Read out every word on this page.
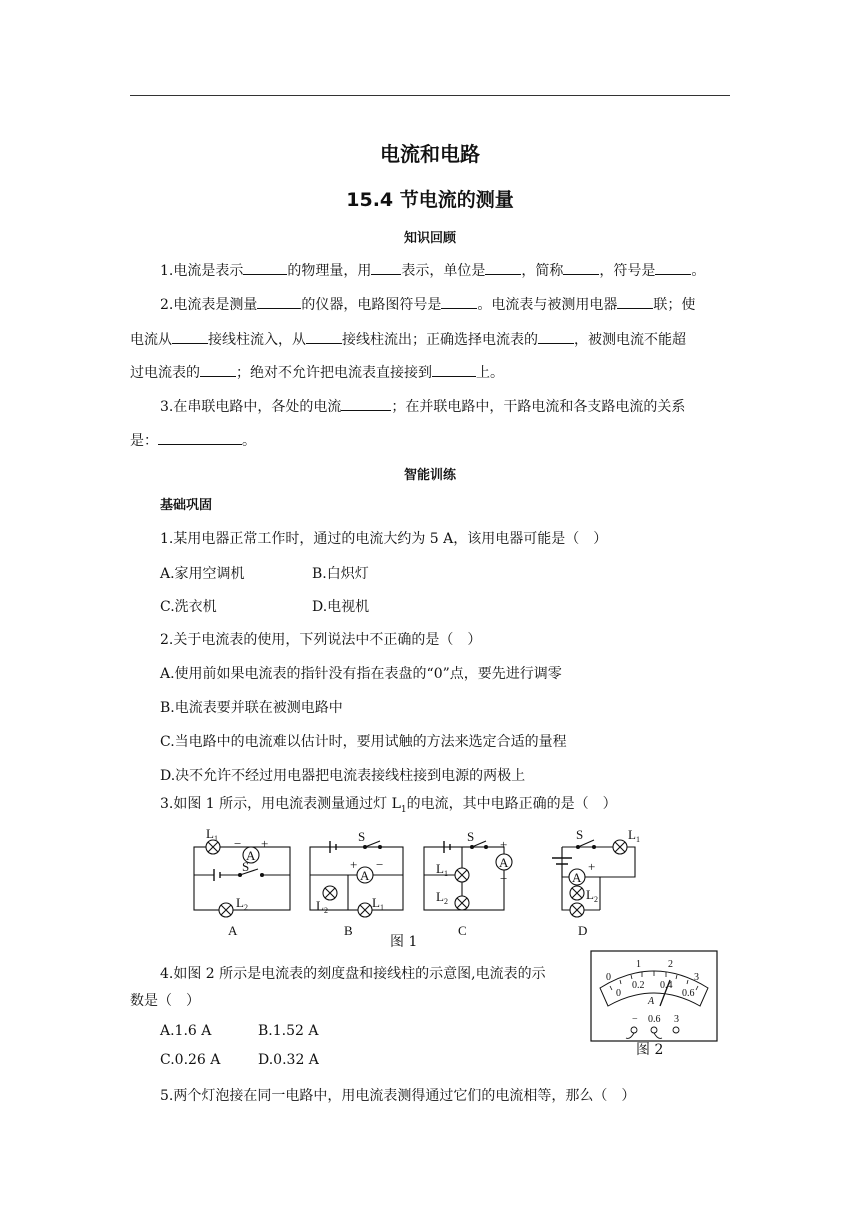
电流和电路
15.4 节电流的测量
知识回顾
1.电流是表示	的物理量，用 表示，单位是	，简称	，符号是	。
2.电流表是测量	的仪器，电路图符号是	。电流表与被测用电器	联；使
电流从	接线柱流入，从	接线柱流出；正确选择电流表的	，被测电流不能超
过电流表的	；绝对不允许把电流表直接接到	上。
3.在串联电路中，各处的电流	；在并联电路中，干路电流和各支路电流的关系
是：	。
智能训练
基础巩固
1.某用电器正常工作时，通过的电流大约为 5 A，该用电器可能是（　）
A.家用空调机	B.白炽灯
C.洗衣机	D.电视机
2.关于电流表的使用，下列说法中不正确的是（　）
A.使用前如果电流表的指针没有指在表盘的“0”点，要先进行调零
B.电流表要并联在被测电路中
C.当电路中的电流难以估计时，要用试触的方法来选定合适的量程
D.决不允许不经过用电器把电流表接线柱接到电源的两极上
3.如图 1 所示，用电流表测量通过灯 $L_1$的电流，其中电路正确的是（　）
$L_1$
A
− +
S
$L_2$
A
S
A
+ −
$L_2$
$L_1$
B
S
+
A
−
$L_1$
$L_2$
C
S	$L_1$
A
+
$L_2$
D
图 1
4.如图 2 所示是电流表的刻度盘和接线柱的示意图,电流表的示
数是（　）
A.1.6 A	B.1.52 A
C.0.26 A	D.0.32 A
0
1	2
3
0
0.2 0.4
0.6
A
− 0.6 3
图 2
5.两个灯泡接在同一电路中，用电流表测得通过它们的电流相等，那么（　）
